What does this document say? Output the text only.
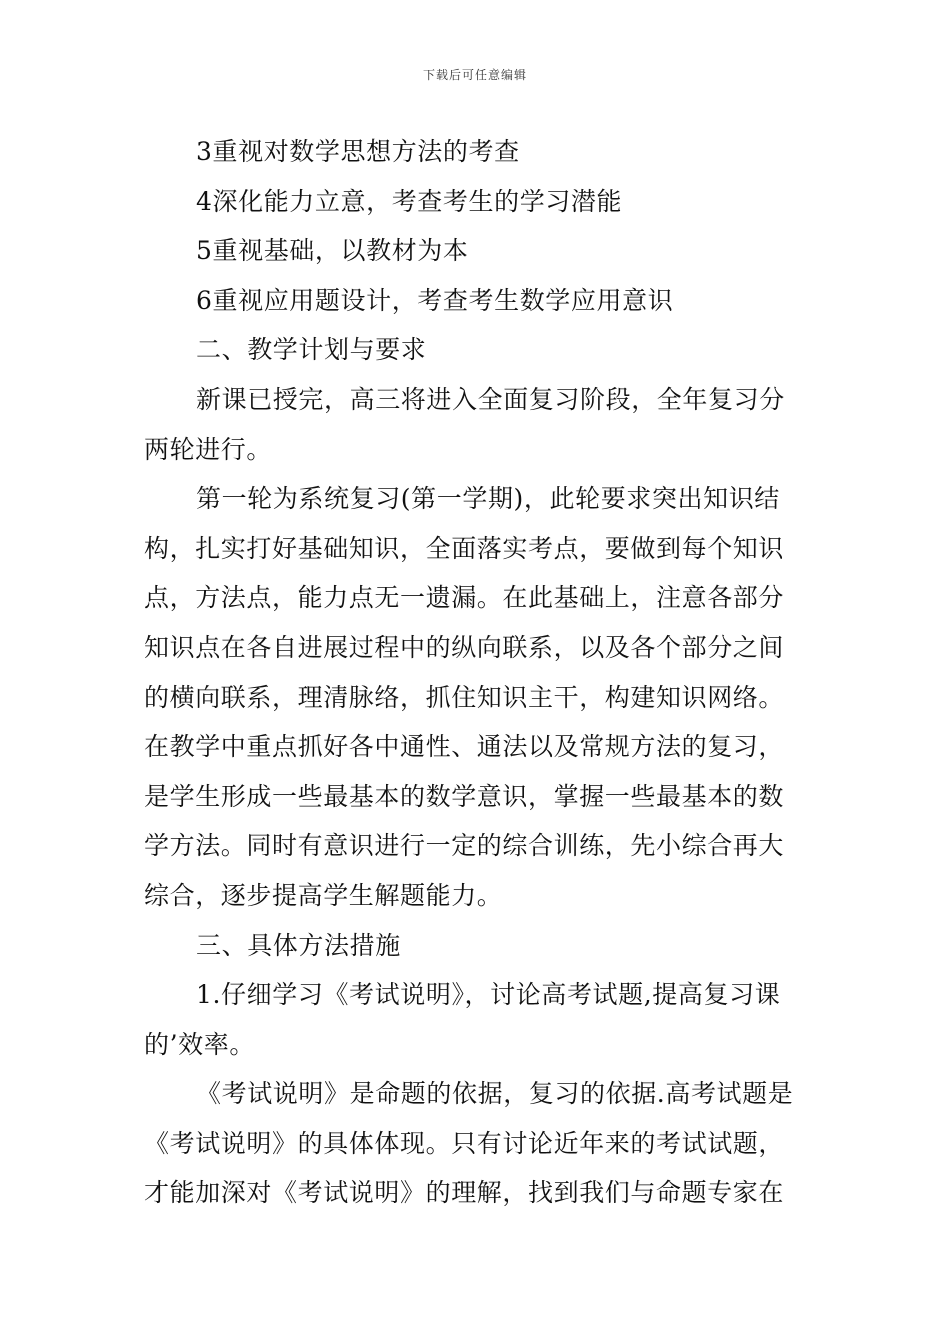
下载后可任意编辑
3重视对数学思想方法的考查
4深化能力立意，考查考生的学习潜能
5重视基础，以教材为本
6重视应用题设计，考查考生数学应用意识
二、教学计划与要求
新课已授完，高三将进入全面复习阶段，全年复习分
两轮进行。
第一轮为系统复习(第一学期)，此轮要求突出知识结
构，扎实打好基础知识，全面落实考点，要做到每个知识
点，方法点，能力点无一遗漏。在此基础上，注意各部分
知识点在各自进展过程中的纵向联系，以及各个部分之间
的横向联系，理清脉络，抓住知识主干，构建知识网络。
在教学中重点抓好各中通性、通法以及常规方法的复习，
是学生形成一些最基本的数学意识，掌握一些最基本的数
学方法。同时有意识进行一定的综合训练，先小综合再大
综合，逐步提高学生解题能力。
三、具体方法措施
1.仔细学习《考试说明》，讨论高考试题,提高复习课
的’效率。
《考试说明》是命题的依据，复习的依据.高考试题是
《考试说明》的具体体现。只有讨论近年来的考试试题，
才能加深对《考试说明》的理解，找到我们与命题专家在
